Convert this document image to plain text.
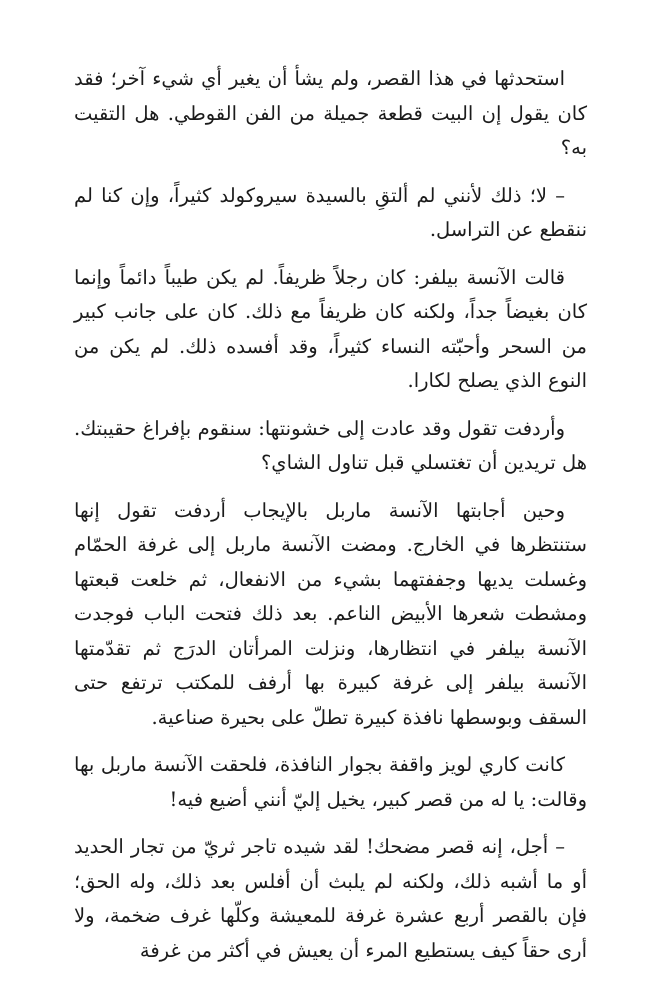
استحدثها في هذا القصر، ولم يشأ أن يغير أي شيء آخر؛ فقد كان يقول إن البيت قطعة جميلة من الفن القوطي. هل التقيت به؟

– لا؛ ذلك لأنني لم ألتقِ بالسيدة سيروكولد كثيراً، وإن كنا لم ننقطع عن التراسل.

قالت الآنسة بيلفر: كان رجلاً ظريفاً. لم يكن طيباً دائماً وإنما كان بغيضاً جداً، ولكنه كان ظريفاً مع ذلك. كان على جانب كبير من السحر وأحبّته النساء كثيراً، وقد أفسده ذلك. لم يكن من النوع الذي يصلح لكارا.

وأردفت تقول وقد عادت إلى خشونتها: سنقوم بإفراغ حقيبتك. هل تريدين أن تغتسلي قبل تناول الشاي؟

وحين أجابتها الآنسة ماربل بالإيجاب أردفت تقول إنها ستنتظرها في الخارج. ومضت الآنسة ماربل إلى غرفة الحمّام وغسلت يديها وجففتهما بشيء من الانفعال، ثم خلعت قبعتها ومشطت شعرها الأبيض الناعم. بعد ذلك فتحت الباب فوجدت الآنسة بيلفر في انتظارها، ونزلت المرأتان الدرَج ثم تقدّمتها الآنسة بيلفر إلى غرفة كبيرة بها أرفف للمكتب ترتفع حتى السقف وبوسطها نافذة كبيرة تطلّ على بحيرة صناعية.

كانت كاري لويز واقفة بجوار النافذة، فلحقت الآنسة ماربل بها وقالت: يا له من قصر كبير، يخيل إليّ أنني أضيع فيه!

– أجل، إنه قصر مضحك! لقد شيده تاجر ثريّ من تجار الحديد أو ما أشبه ذلك، ولكنه لم يلبث أن أفلس بعد ذلك، وله الحق؛ فإن بالقصر أربع عشرة غرفة للمعيشة وكلّها غرف ضخمة، ولا أرى حقاً كيف يستطيع المرء أن يعيش في أكثر من غرفة
